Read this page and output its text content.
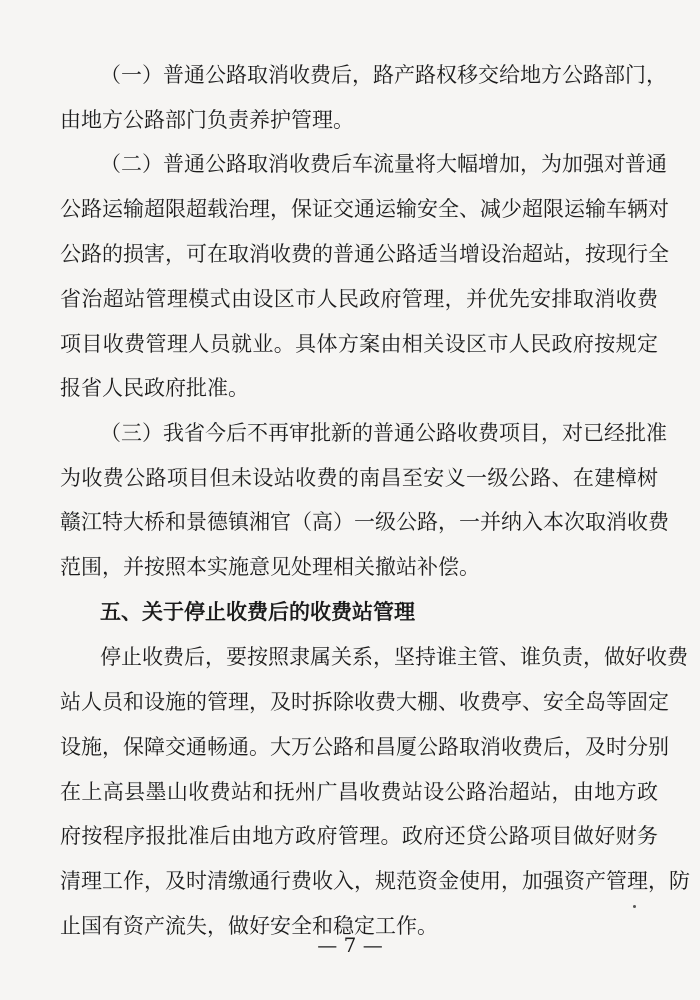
（一）普通公路取消收费后，路产路权移交给地方公路部门，
由地方公路部门负责养护管理。
（二）普通公路取消收费后车流量将大幅增加，为加强对普通
公路运输超限超载治理，保证交通运输安全、减少超限运输车辆对
公路的损害，可在取消收费的普通公路适当增设治超站，按现行全
省治超站管理模式由设区市人民政府管理，并优先安排取消收费
项目收费管理人员就业。具体方案由相关设区市人民政府按规定
报省人民政府批准。
（三）我省今后不再审批新的普通公路收费项目，对已经批准
为收费公路项目但未设站收费的南昌至安义一级公路、在建樟树
赣江特大桥和景德镇湘官（高）一级公路，一并纳入本次取消收费
范围，并按照本实施意见处理相关撤站补偿。
五、关于停止收费后的收费站管理
停止收费后，要按照隶属关系，坚持谁主管、谁负责，做好收费
站人员和设施的管理，及时拆除收费大棚、收费亭、安全岛等固定
设施，保障交通畅通。大万公路和昌厦公路取消收费后，及时分别
在上高县墨山收费站和抚州广昌收费站设公路治超站，由地方政
府按程序报批准后由地方政府管理。政府还贷公路项目做好财务
清理工作，及时清缴通行费收入，规范资金使用，加强资产管理，防
止国有资产流失，做好安全和稳定工作。
— 7 —
